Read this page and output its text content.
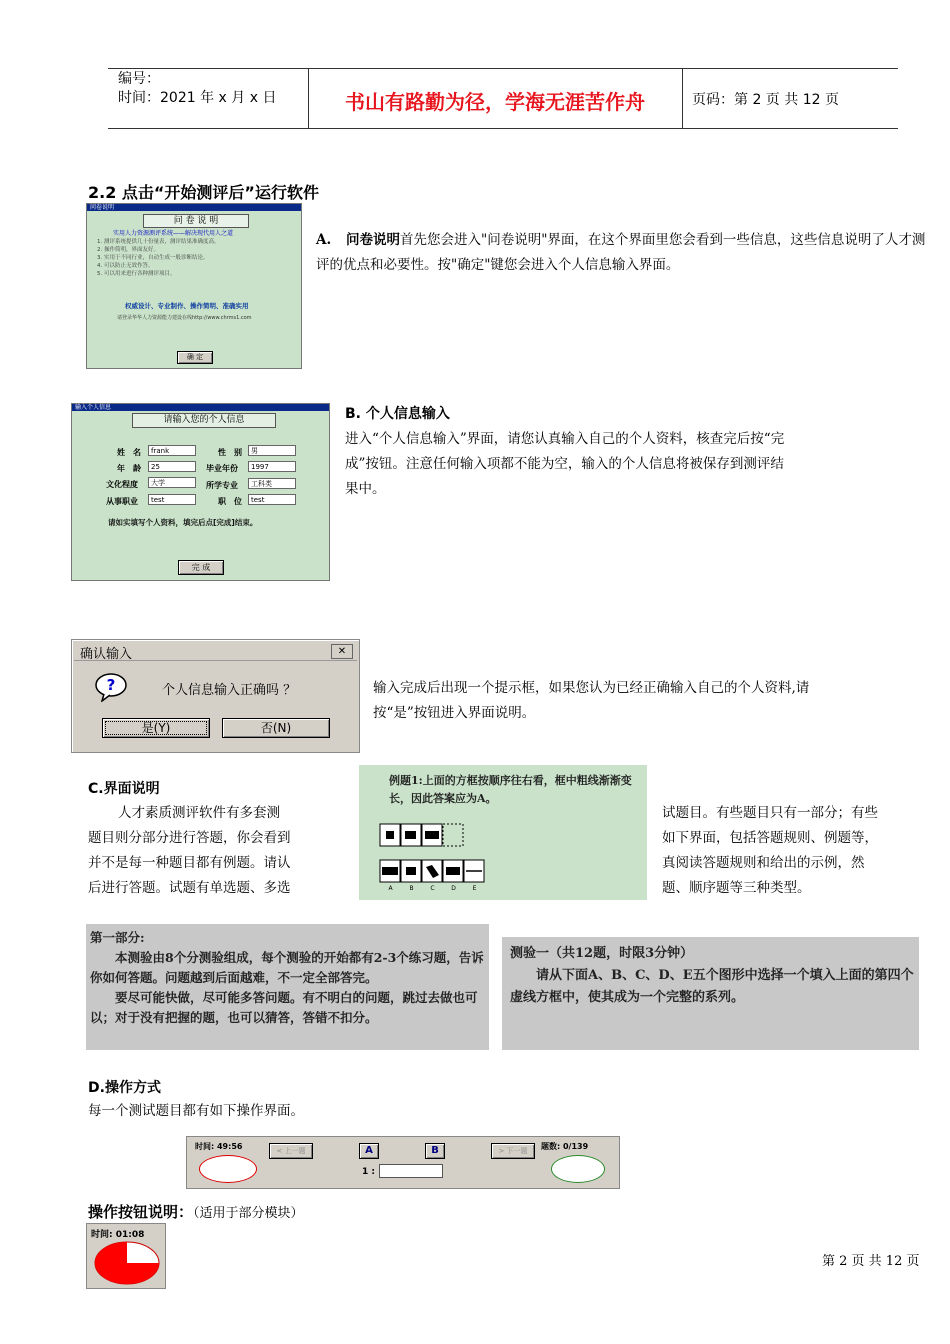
编号：
时间：2021 年 x 月 x 日	书山有路勤为径，学海无涯苦作舟	页码：第 2 页 共 12 页
2.2 点击“开始测评后”运行软件
问卷说明
问 卷 说 明
实用人力资源测评系统——解决现代用人之道
1. 测评系统提供几十份量表，测评结果准确度高。
2. 操作简明，界面友好。
3. 实用于不同行业，自动生成一般诊断结论。
4. 可以防止无效作答。
5. 可以用来进行各种测评项目。
权威设计、专业制作、操作简明、准确实用
请登录华华人力资源能力建设在线http://www.chrms1.com
确 定
A. 问卷说明首先您会进入"问卷说明"界面，在这个界面里您会看到一些信息，这些信息说明了人才测评的优点和必要性。按"确定"键您会进入个人信息输入界面。
输入个人信息
请输入您的个人信息
姓　名	frank	性　别	男
年　龄	25	毕业年份	1997
文化程度	大学	所学专业	工科类
从事职业	test	职　位	test
请如实填写个人资料，填完后点[完成]结束。
完 成
B. 个人信息输入
进入“个人信息输入”界面，请您认真输入自己的个人资料，核查完后按“完成”按钮。注意任何输入项都不能为空，输入的个人信息将被保存到测评结果中。
确认输入	✕
?	个人信息输入正确吗 ？
是(Y)	否(N)
输入完成后出现一个提示框，如果您认为已经正确输入自己的个人资料,请按“是”按钮进入界面说明。
C.界面说明
人才素质测评软件有多套测
题目则分部分进行答题，你会看到
并不是每一种题目都有例题。请认
后进行答题。试题有单选题、多选
例题1:上面的方框按顺序往右看，框中粗线渐渐变长，因此答案应为A。
A	B	C	D	E
试题目。有些题目只有一部分；有些
如下界面，包括答题规则、例题等，
真阅读答题规则和给出的示例，然
题、顺序题等三种类型。
第一部分:
　　本测验由8个分测验组成，每个测验的开始都有2-3个练习题，告诉你如何答题。问题越到后面越难，不一定全部答完。
　　要尽可能快做，尽可能多答问题。有不明白的问题，跳过去做也可以；对于没有把握的题，也可以猜答，答错不扣分。
测验一（共12题，时限3分钟）
　　请从下面A、B、C、D、E五个图形中选择一个填入上面的第四个虚线方框中，使其成为一个完整的系列。
D.操作方式
每一个测试题目都有如下操作界面。
时间: 49:56	< 上一题	A	B
1 :
> 下一题	题数: 0/139
操作按钮说明：（适用于部分模块）
时间: 01:08
第 2 页 共 12 页
